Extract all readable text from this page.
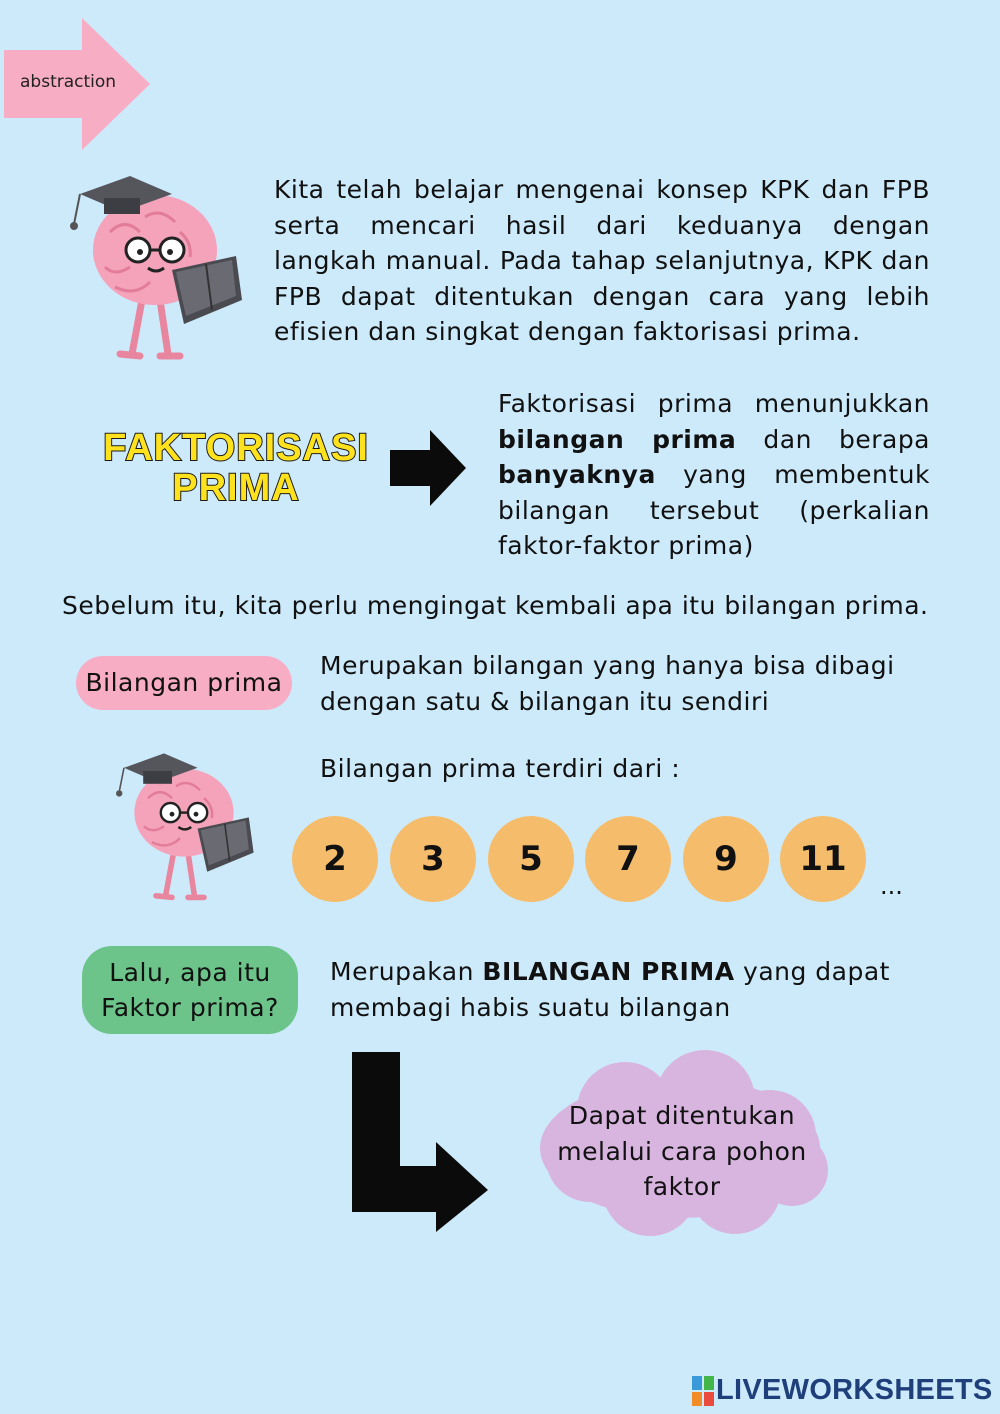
abstraction
Kita telah belajar mengenai konsep KPK dan FPB
serta mencari hasil dari keduanya dengan
langkah manual. Pada tahap selanjutnya, KPK dan
FPB dapat ditentukan dengan cara yang lebih
efisien dan singkat dengan faktorisasi prima.
FAKTORISASI
PRIMA
Faktorisasi prima menunjukkan
bilangan prima dan berapa
banyaknya yang membentuk
bilangan tersebut (perkalian
faktor-faktor prima)
Sebelum itu, kita perlu mengingat kembali apa itu bilangan prima.
Bilangan prima
Merupakan bilangan yang hanya bisa dibagi
dengan satu & bilangan itu sendiri
Bilangan prima terdiri dari :
2	3	5	7	9	11
...
Lalu, apa itu
Faktor prima?
Merupakan BILANGAN PRIMA yang dapat
membagi habis suatu bilangan
Dapat ditentukan
melalui cara pohon
faktor
LIVEWORKSHEETS
